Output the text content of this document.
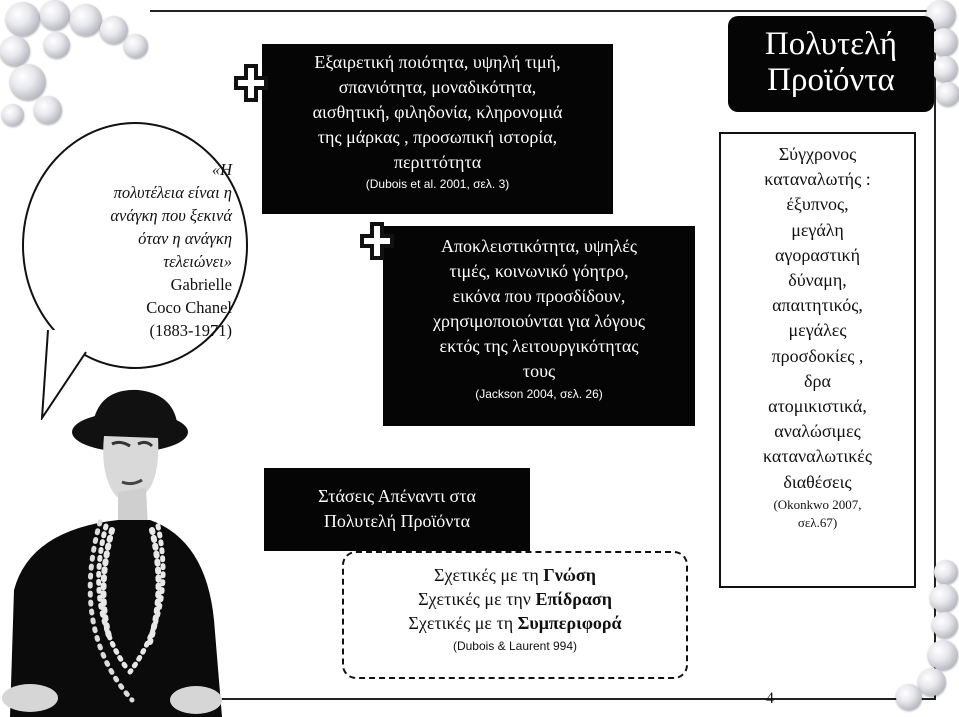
«Η
πολυτέλεια είναι η
ανάγκη που ξεκινά
όταν η ανάγκη
τελειώνει»
Gabrielle
Coco Chanel
(1883-1971)
Εξαιρετική ποιότητα, υψηλή τιμή,
σπανιότητα, μοναδικότητα,
αισθητική, φιληδονία, κληρονομιά
της μάρκας , προσωπική ιστορία,
περιττότητα
(Dubois et al. 2001, σελ. 3)
Αποκλειστικότητα, υψηλές
τιμές, κοινωνικό γόητρο,
εικόνα που προσδίδουν,
χρησιμοποιούνται για λόγους
εκτός της λειτουργικότητας
τους
(Jackson 2004, σελ. 26)
Πολυτελή
Προϊόντα
Στάσεις Απέναντι στα
Πολυτελή Προϊόντα
Σχετικές με τη Γνώση
Σχετικές με την Επίδραση
Σχετικές με τη Συμπεριφορά
(Dubois & Laurent 994)
Σύγχρονος
καταναλωτής :
έξυπνος,
μεγάλη
αγοραστική
δύναμη,
απαιτητικός,
μεγάλες
προσδοκίες ,
δρα
ατομικιστικά,
αναλώσιμες
καταναλωτικές
διαθέσεις
(Okonkwo 2007,
σελ.67)
4
